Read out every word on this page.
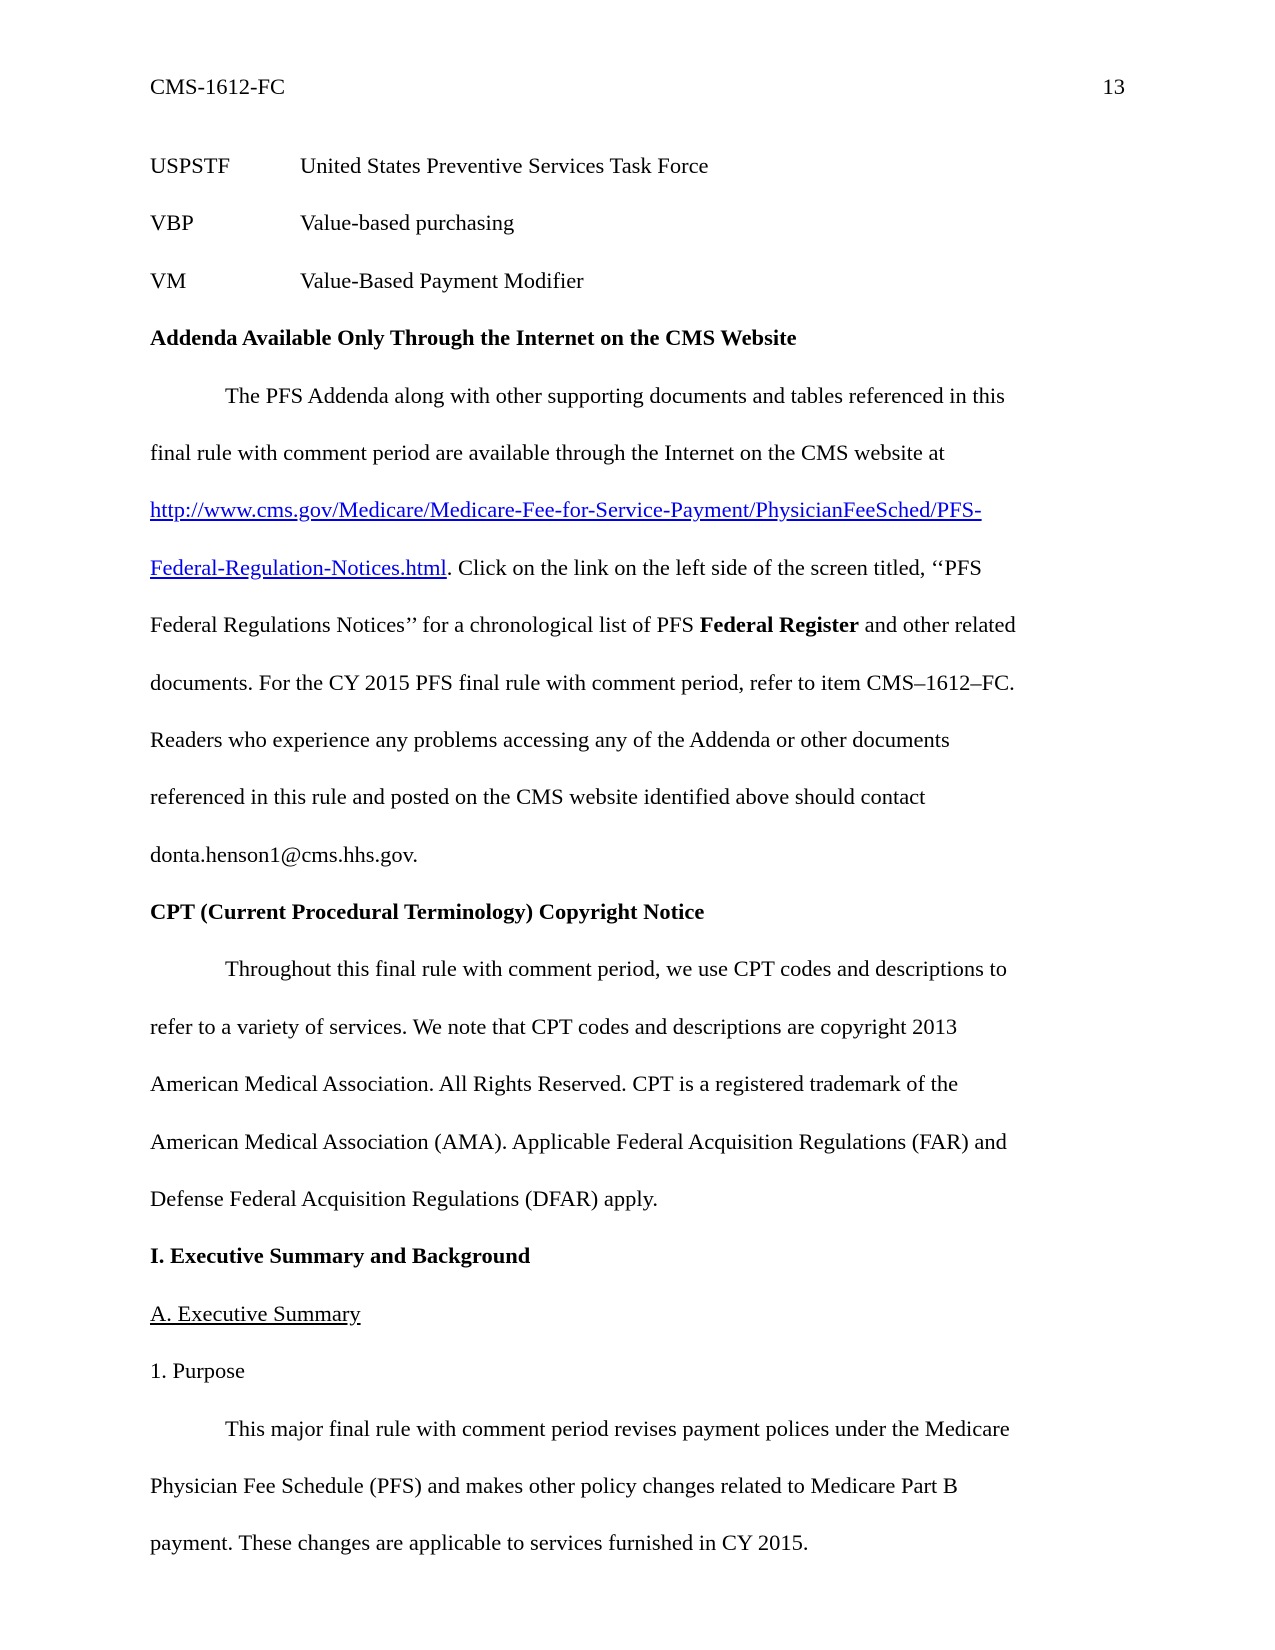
CMS-1612-FC	13
USPSTF	United States Preventive Services Task Force
VBP	Value-based purchasing
VM	Value-Based Payment Modifier
Addenda Available Only Through the Internet on the CMS Website
The PFS Addenda along with other supporting documents and tables referenced in this
final rule with comment period are available through the Internet on the CMS website at
http://www.cms.gov/Medicare/Medicare-Fee-for-Service-Payment/PhysicianFeeSched/PFS-
Federal-Regulation-Notices.html. Click on the link on the left side of the screen titled, ‘‘PFS
Federal Regulations Notices’’ for a chronological list of PFS Federal Register and other related
documents. For the CY 2015 PFS final rule with comment period, refer to item CMS–1612–FC.
Readers who experience any problems accessing any of the Addenda or other documents
referenced in this rule and posted on the CMS website identified above should contact
donta.henson1@cms.hhs.gov.
CPT (Current Procedural Terminology) Copyright Notice
Throughout this final rule with comment period, we use CPT codes and descriptions to
refer to a variety of services. We note that CPT codes and descriptions are copyright 2013
American Medical Association. All Rights Reserved. CPT is a registered trademark of the
American Medical Association (AMA). Applicable Federal Acquisition Regulations (FAR) and
Defense Federal Acquisition Regulations (DFAR) apply.
I. Executive Summary and Background
A. Executive Summary
1. Purpose
This major final rule with comment period revises payment polices under the Medicare
Physician Fee Schedule (PFS) and makes other policy changes related to Medicare Part B
payment. These changes are applicable to services furnished in CY 2015.
